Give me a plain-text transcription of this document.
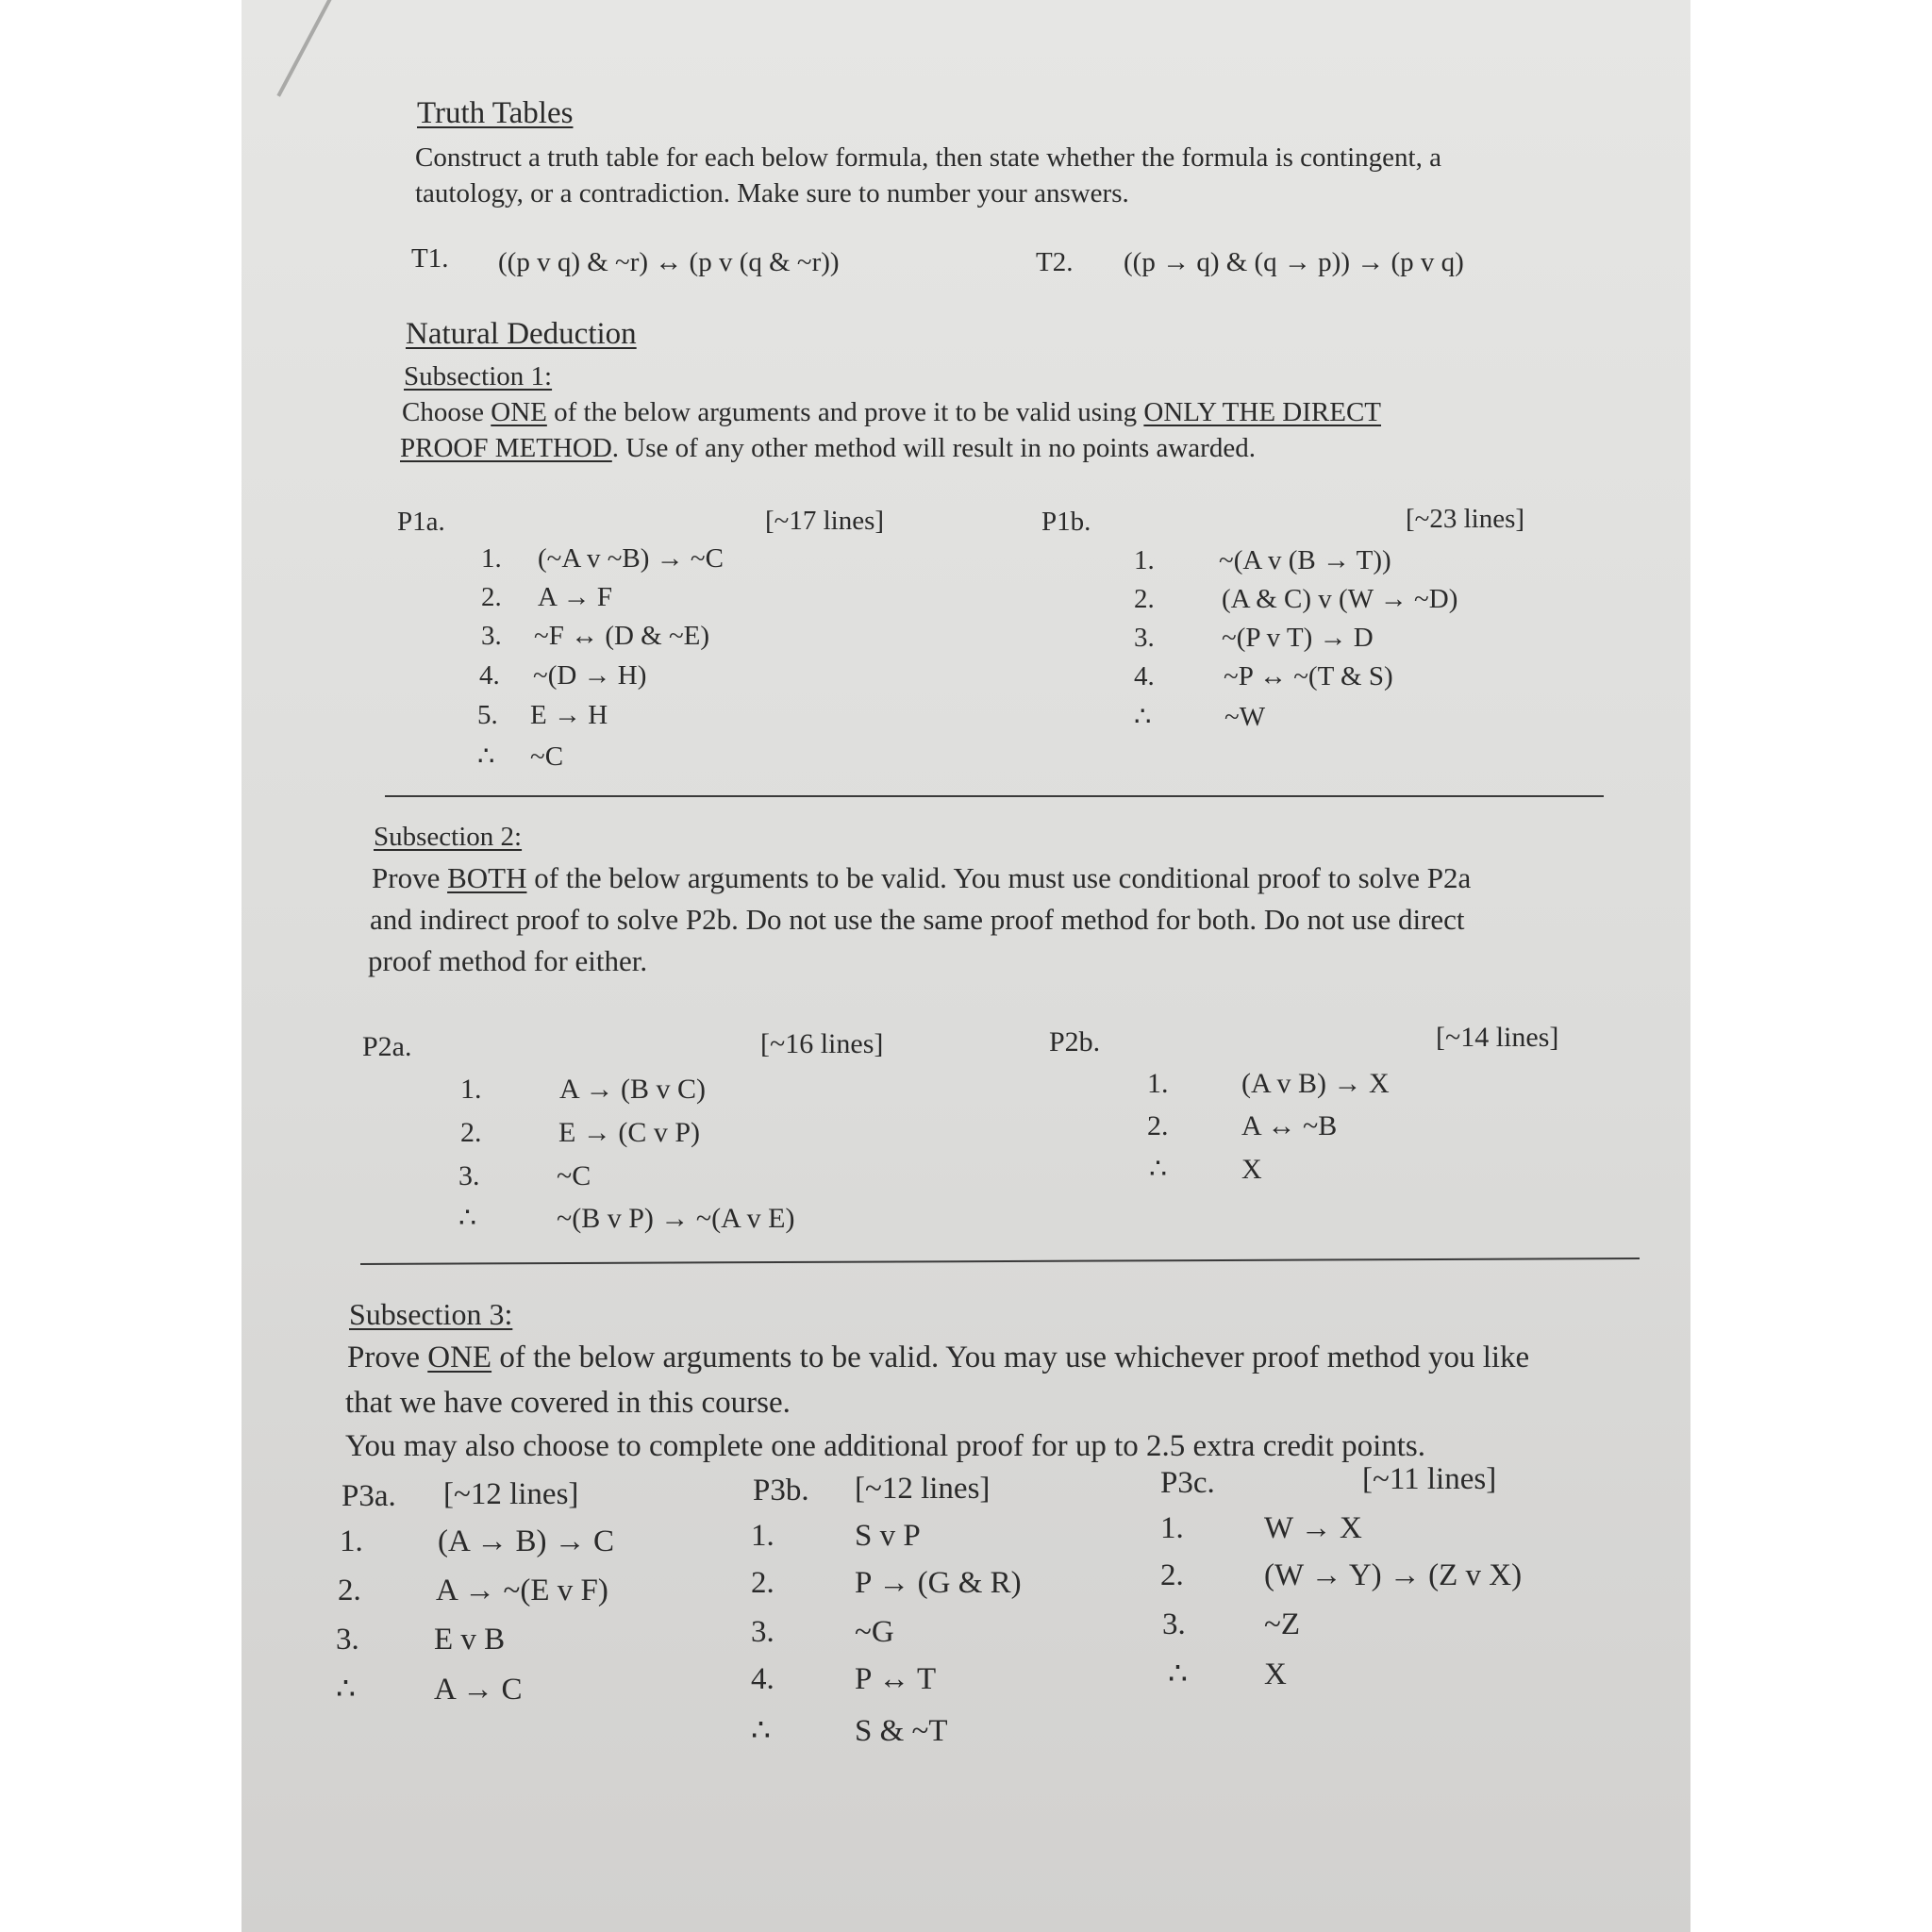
Truth Tables
Construct a truth table for each below formula, then state whether the formula is contingent, a
tautology, or a contradiction. Make sure to number your answers.
T1. ((p v q) & ~r) ↔ (p v (q & ~r))	T2. ((p → q) & (q → p)) → (p v q)
Natural Deduction
Subsection 1:
Choose ONE of the below arguments and prove it to be valid using ONLY THE DIRECT
PROOF METHOD. Use of any other method will result in no points awarded.
P1a.	[~17 lines]
1.	(~A v ~B) → ~C
2.	A → F
3.	~F ↔ (D & ~E)
4.	~(D → H)
5.	E → H
∴	~C
P1b.	[~23 lines]
1.	~(A v (B → T))
2.	(A & C) v (W → ~D)
3.	~(P v T) → D
4.	~P ↔ ~(T & S)
∴	~W
Subsection 2:
Prove BOTH of the below arguments to be valid. You must use conditional proof to solve P2a
and indirect proof to solve P2b. Do not use the same proof method for both. Do not use direct
proof method for either.
P2a.	[~16 lines]
1.	A → (B v C)
2.	E → (C v P)
3.	~C
∴	~(B v P) → ~(A v E)
P2b.	[~14 lines]
1.	(A v B) → X
2.	A ↔ ~B
∴	X
Subsection 3:
Prove ONE of the below arguments to be valid. You may use whichever proof method you like
that we have covered in this course.
You may also choose to complete one additional proof for up to 2.5 extra credit points.
P3a. [~12 lines]
1.	(A → B) → C
2.	A → ~(E v F)
3.	E v B
∴	A → C
P3b. [~12 lines]
1.	S v P
2.	P → (G & R)
3.	~G
4.	P ↔ T
∴	S & ~T
P3c.	[~11 lines]
1.	W → X
2.	(W → Y) → (Z v X)
3.	~Z
∴	X
